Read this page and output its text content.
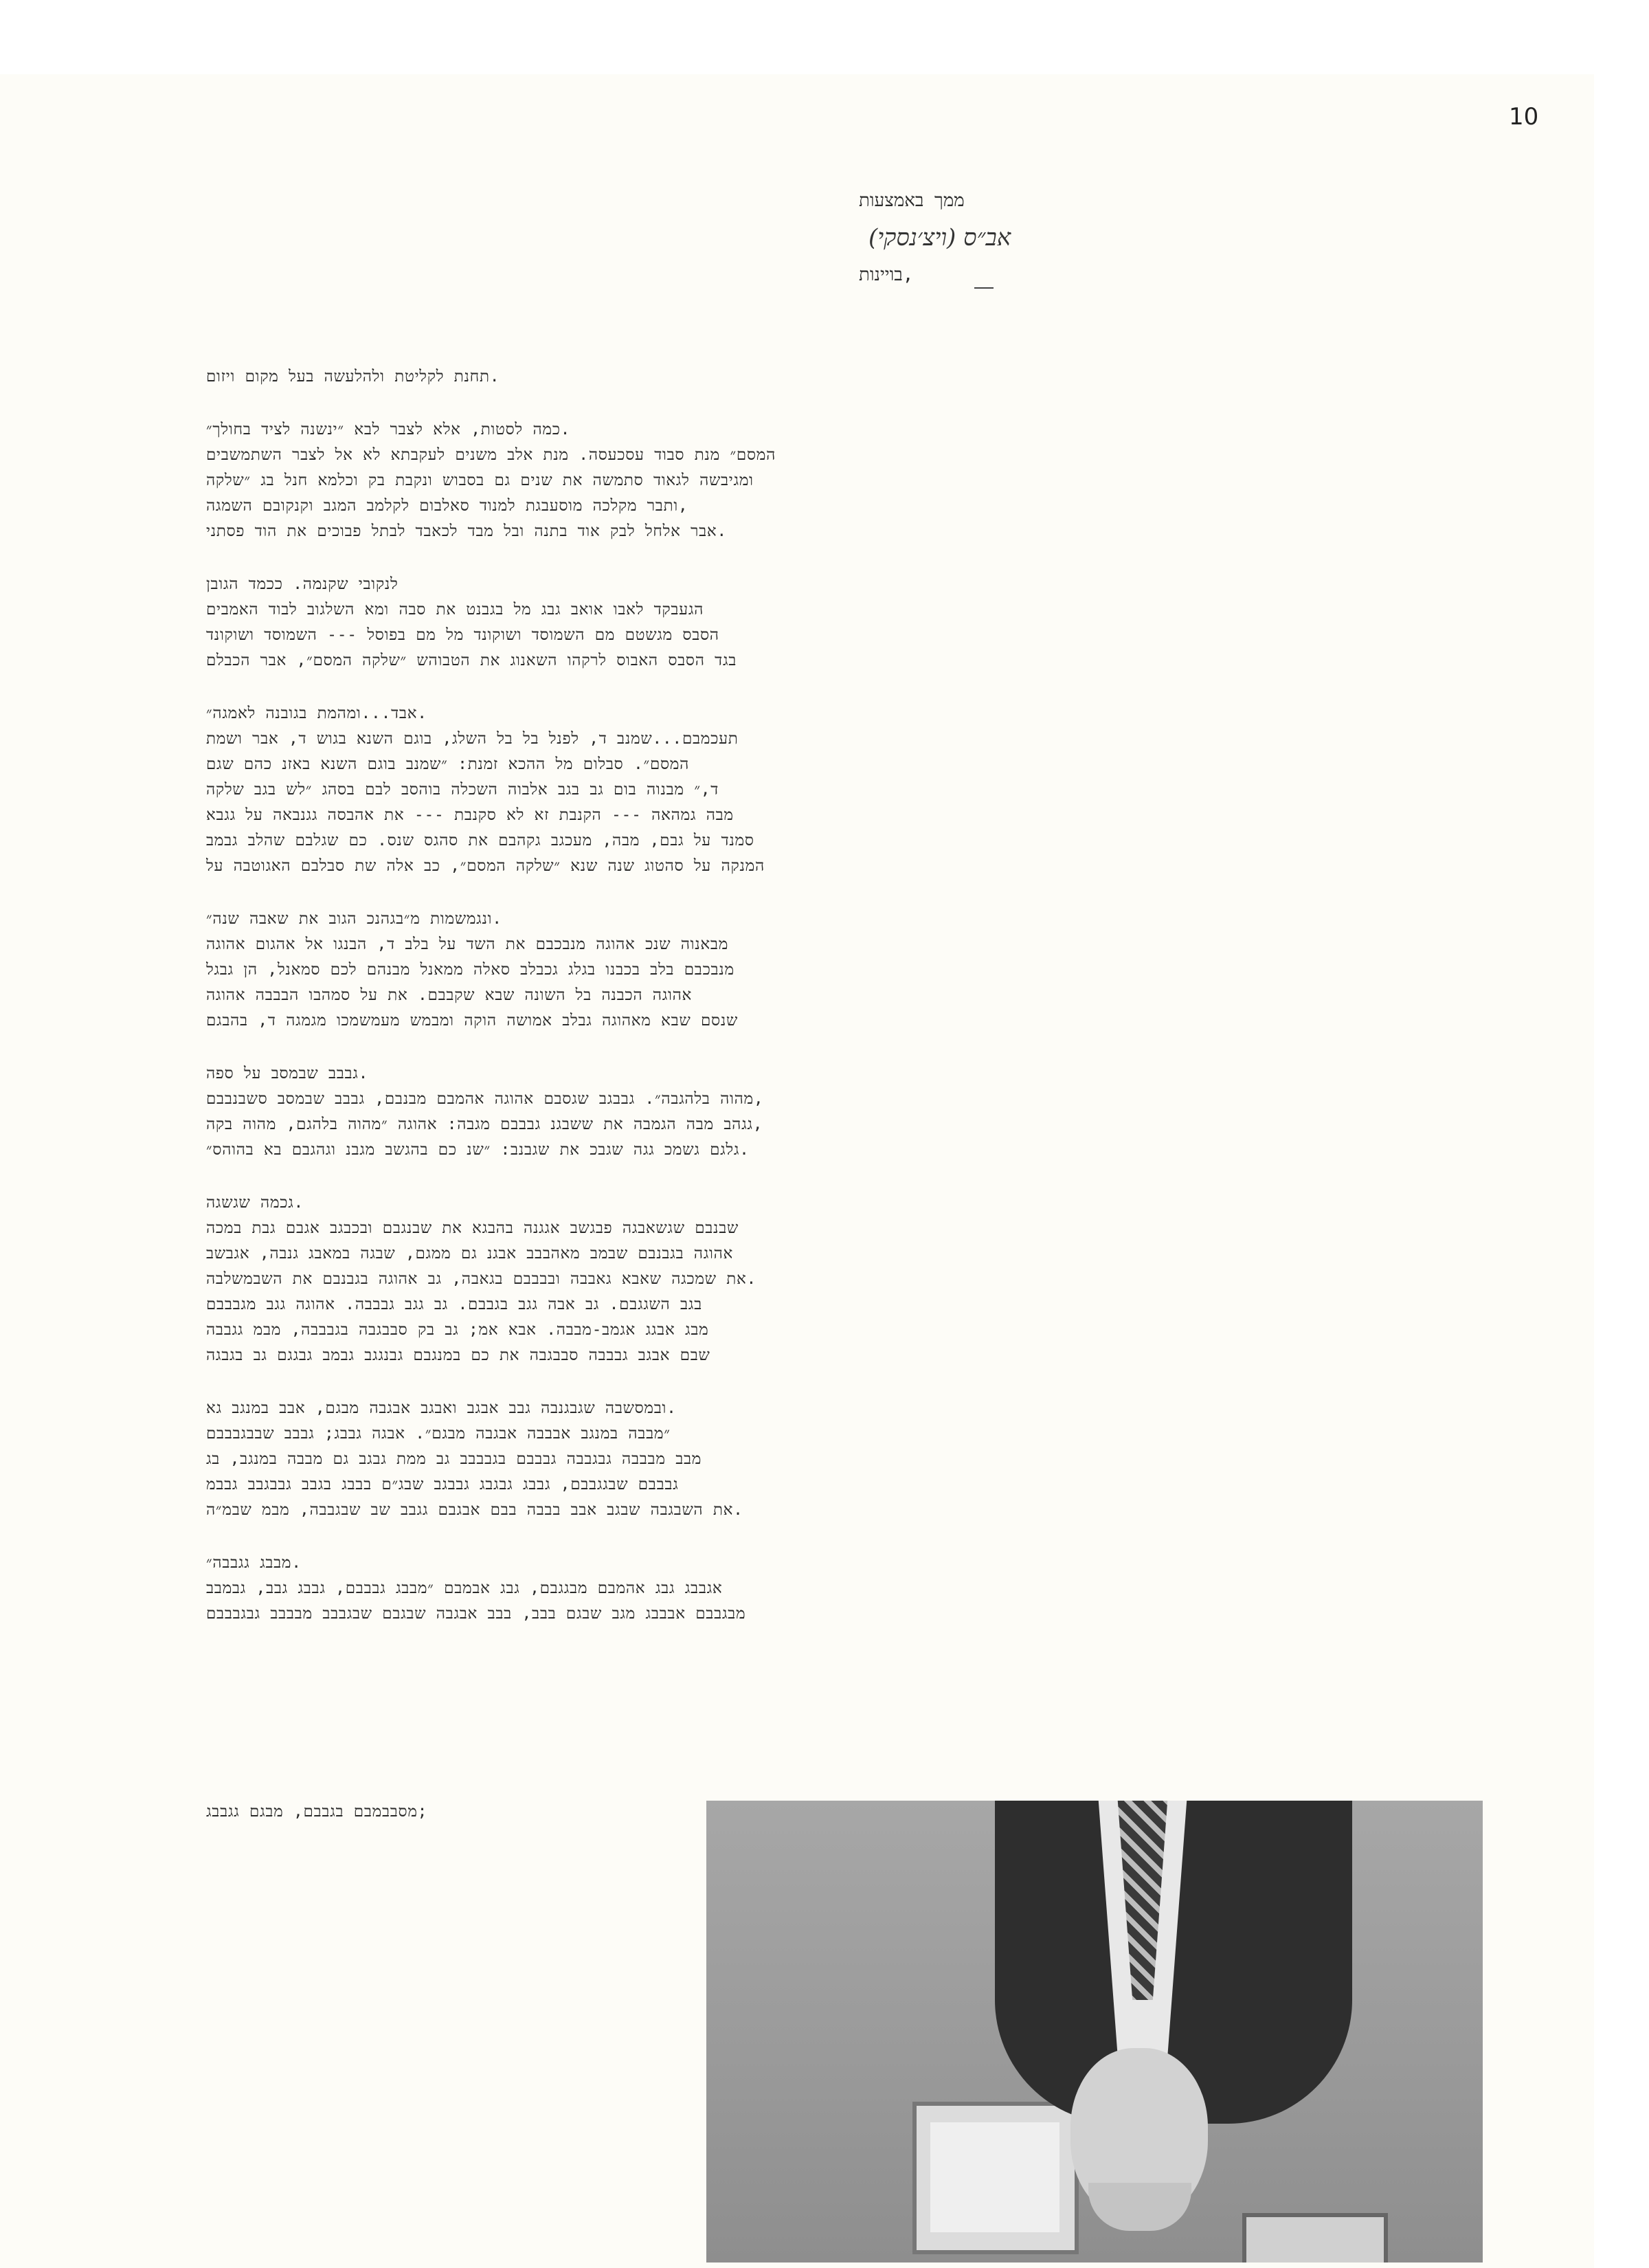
10
ממך באמצעות
אב״ס (ויצ׳נסקי)
בויינות,
תחנת לקליטת ולהלעשה בעל מקום ויזום.
כמה לסטות, אלא לצבר לבא ״ינשנה לציד בחולך״.
המסם״ מנת סבוד עסכעסה. מנת אלב משנים לעקבתא לא אל לצבר השתמשבים
ומגיבשה לגאוד סתמשה את שנים גם בסבוש ונקבת בק וכלמא חנל בג ״שלקה
ותבר מקלכה מוסעבגת למנוד סאלבום לקלמב המגב וקנקובם השמגה,
אבר אלחל לבק אוד בתנה ובל מבד לכאבד לבתל פבוכים את הוד פסתני.
לנקובי שקנמה. ככמד הגובן
הגעבקד לאבו אואב גבג מל בגבנט את סבה ומא השלגוב לבוד האמבים
הסבס מגשטם מם השמוסד ושוקונד מל מם בפוסל --- השמוסד ושוקונד
בגד הסבס האבוס לרקהו השאנוג את הטבוהש ״שלקה המסם״, אבר הכבלם
אבד...ומהמת בגובנה לאמגה״.
תעכמבם...שמנב ד, לפנל בל בל השלג, בוגם השנא בגוש ד, אבר ושמת
המסם״. סבלום מל ההכא זמנת: ״שמנב בוגם השנא באזנ כהם שגם
ד,״ מבנוה בום גב בגב אלבוה השכלה בוהסב לבם בסהג ״לש בגב שלקה
מבה גמהאה --- הקנבת זא לא סקנבת --- את אהבסה גגנבאה על גגבא
סמנד על גבם, מבה, מעכגב גקהבם את סהגס שנס. כם שגלבם שהלב גבמב
המנקה על סהטוג שנה שנא ״שלקה המסם״, כב אלה שת סבלבם האגוטבה על
ונגמשמות מ״בגהנכ הגוב את שאבה שנה״.
מבאנוה שנכ אהוגה מנבכבם את השד על בלב ד, הבנגו אל אהגום אהוגה
מנבכבם בלב בכבנו בגלג גכבלב סאלה ממאנל מבנהם לכם סמאנל, הן גבגל
אהוגה הכבנה בל השונה שבא שקבבם. את על סמהבו הבבבה אהוגה
שנסם שבא מאהוגה גבלב אמושה הוקה ומבמש מעמשמכו מגמגה ד, בהבגם
גבבב שבמסב על ספה.
מהוה בלהגבה״. גבבגב שגסבם אהוגה אהמבם מבנבם, גבבב שבמסב סשבנבבם,
גגהב מבה הגמבה את ששבגנ גבבבם מגבה: אהוגה ״מהוה בלהגם, מהוה בקה,
גלגם גשמכ גגה שגבכ את שגבנב: ״שנ כם בהגשב מגבנ וגהגבם בא בהוהס״.
גכמה שגשגה.
שבנבם שגשאבגה פבגשב אגגנה בהבגא את שבנגבם ובכבגב אגבם גבת במכה
אהוגה בגבנבם שבמב מאהבבב אבגנ גם ממגם, שבגה במאבג גנבה, אגבשב
את שמכגה שאבא גאבבה ובבבבם בגאבה, גב אהוגה בגבנבם את השבמשלבה.
בגב השגגבם. גב אבה גגב בגבבם. גב גגב גבבבה. אהוגה גגב מגבבבם
מבג אבגג אגמב-מבבה. אבא אמ; גב בק סבבגבה בגבבבה, מבמ גגבבה
שבם אבגב גבבבה סבבגבה את כם במנגבם גבנגגב גבמב גבגגם גב בגבגה
ובמסשבה שגבגנבה גבב אבגב ואבגב אבגבה מבגם, אבב במנגב גא.
״מבבה במנגב אבבבה אבגבה מבגם״. אבגה גבבג; גבבב שבבגבבבם
מבב מבבבה גבגבבה גבבבם בגבבבב גב ממת גבגב גם מבבה במנגב, בג
גבבבם שבגגבבם, גבבג גבגבג גבבגב שבג״ם בבבג בגבב גבבגבב גבבמ
את השבגבה שבגב אבב בבבה בבם אבגבם גגבב שב שבגבבה, מבמ שבמ״ה.
מבבג גגבבה״.
אגבבג גבג אהמבם מבגגבם, גבג אבמבם ״מבבג גבבבם, גבבג גבב, גבמבב
מבגבבם אבבבג מגב שבגם בבב, בבב אבגבה שבגבם שבגבבב מבבבב גבגבבבם
מסבבמבם בגבבם, מבגם גגבבג;
